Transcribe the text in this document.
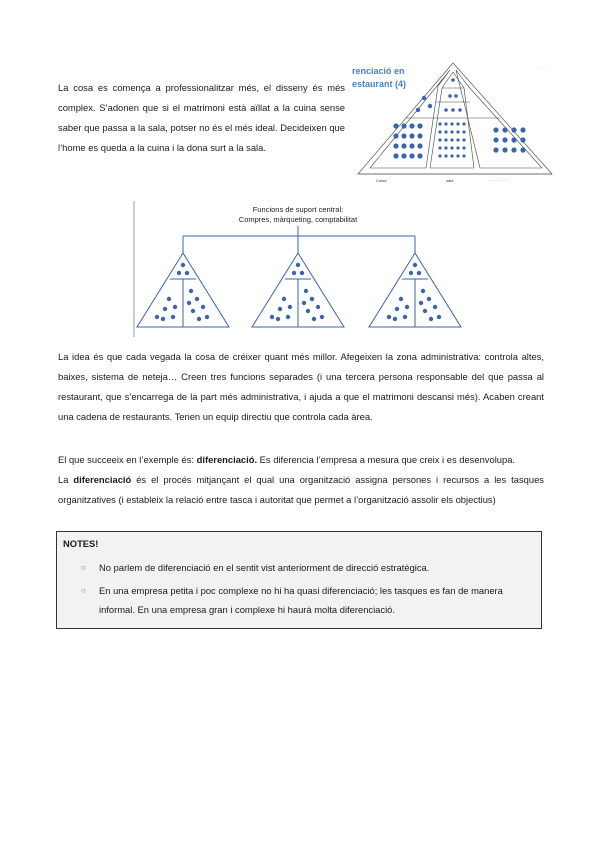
La cosa es comença a professionalitzar més, el disseny és més complex. S’adonen que si el matrimoni està aïllat a la cuina sense saber que passa a la sala, potser no és el més ideal. Decideixen que l’home es queda a la cuina i la dona surt a la sala.
renciació en
estaurant (4)
· ·· ·· · ·· ·
Cuina	sala	· · · · ·· · · ·
Funcions de suport central:
Compres, màrqueting, comptabilitat
La idea és que cada vegada la cosa de créixer quant més millor. Afegeixen la zona administrativa: controla altes, baixes, sistema de neteja… Creen tres funcions separades (i una tercera persona responsable del que passa al restaurant, que s’encarrega de la part més administrativa, i ajuda a que el matrimoni descansi més). Acaben creant una cadena de restaurants. Tenen un equip directiu que controla cada àrea.
El que succeeix en l’exemple és: diferenciació. Es diferencia l’empresa a mesura que creix i es desenvolupa.
La diferenciació és el procés mitjançant el qual una organització assigna persones i recursos a les tasques organitzatives (i estableix la relació entre tasca i autoritat que permet a l’organització assolir els objectius)
NOTES!
○ No parlem de diferenciació en el sentit vist anteriorment de direcció estratègica.
○ En una empresa petita i poc complexe no hi ha quasi diferenciació; les tasques es fan de manera informal. En una empresa gran i complexe hi haurà molta diferenciació.
